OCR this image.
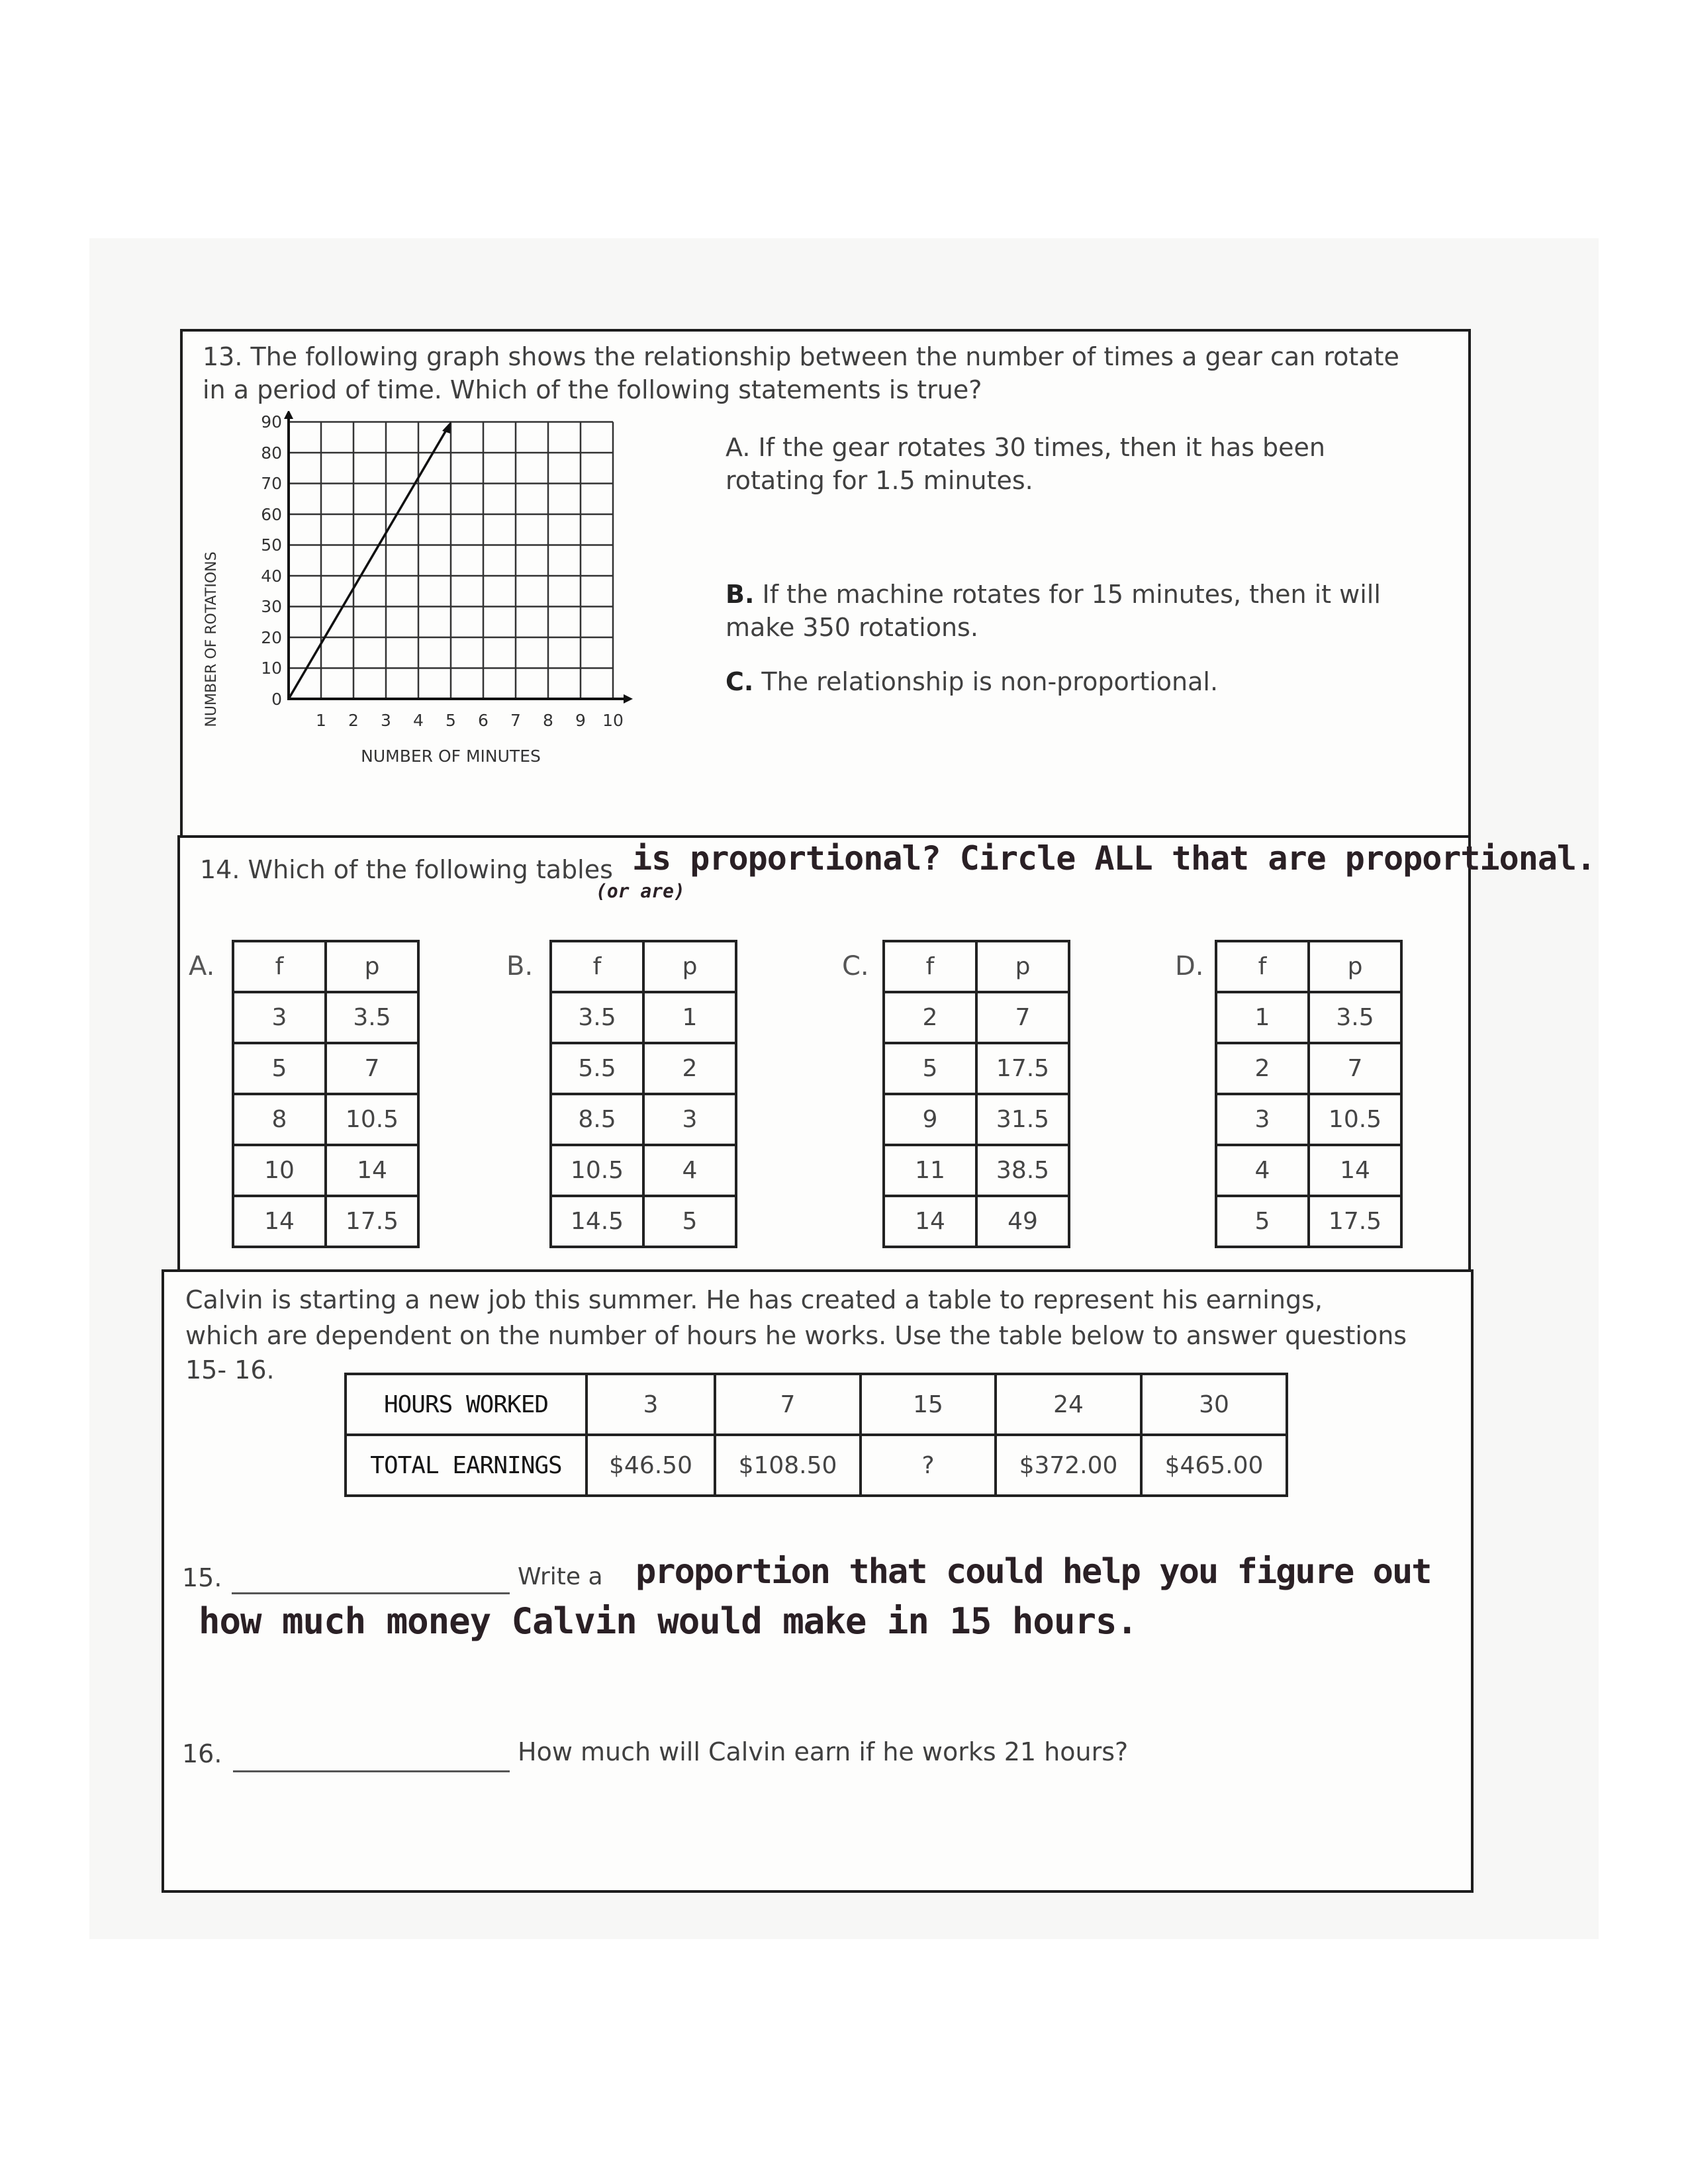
13. The following graph shows the relationship between the number of times a gear can rotate
in a period of time. Which of the following statements is true?
NUMBER OF ROTATIONS	0
10
20
30
40
50
60
70
80
90
1 2 3 4 5 6 7 8 9 10
NUMBER OF MINUTES
A. If the gear rotates 30 times, then it has been
rotating for 1.5 minutes.
B. If the machine rotates for 15 minutes, then it will
make 350 rotations.
C. The relationship is non-proportional.
14. Which of the following tables is proportional? Circle ALL that are proportional.
(or are)
A.	f	p
3	3.5
5	7
8	10.5
10	14
14	17.5
B.	f	p
3.5	1
5.5	2
8.5	3
10.5	4
14.5	5
C. f	p
2	7
5	17.5
9	31.5
11	38.5
14	49
D. f	p
1	3.5
2	7
3	10.5
4	14
5	17.5
Calvin is starting a new job this summer. He has created a table to represent his earnings,
which are dependent on the number of hours he works. Use the table below to answer questions
15- 16.
HOURS WORKED	3	7	15	24	30
TOTAL EARNINGS	$46.50	$108.50	?	$372.00	$465.00
15.	Write a proportion that could help you figure out
how much money Calvin would make in 15 hours.
16.	How much will Calvin earn if he works 21 hours?
